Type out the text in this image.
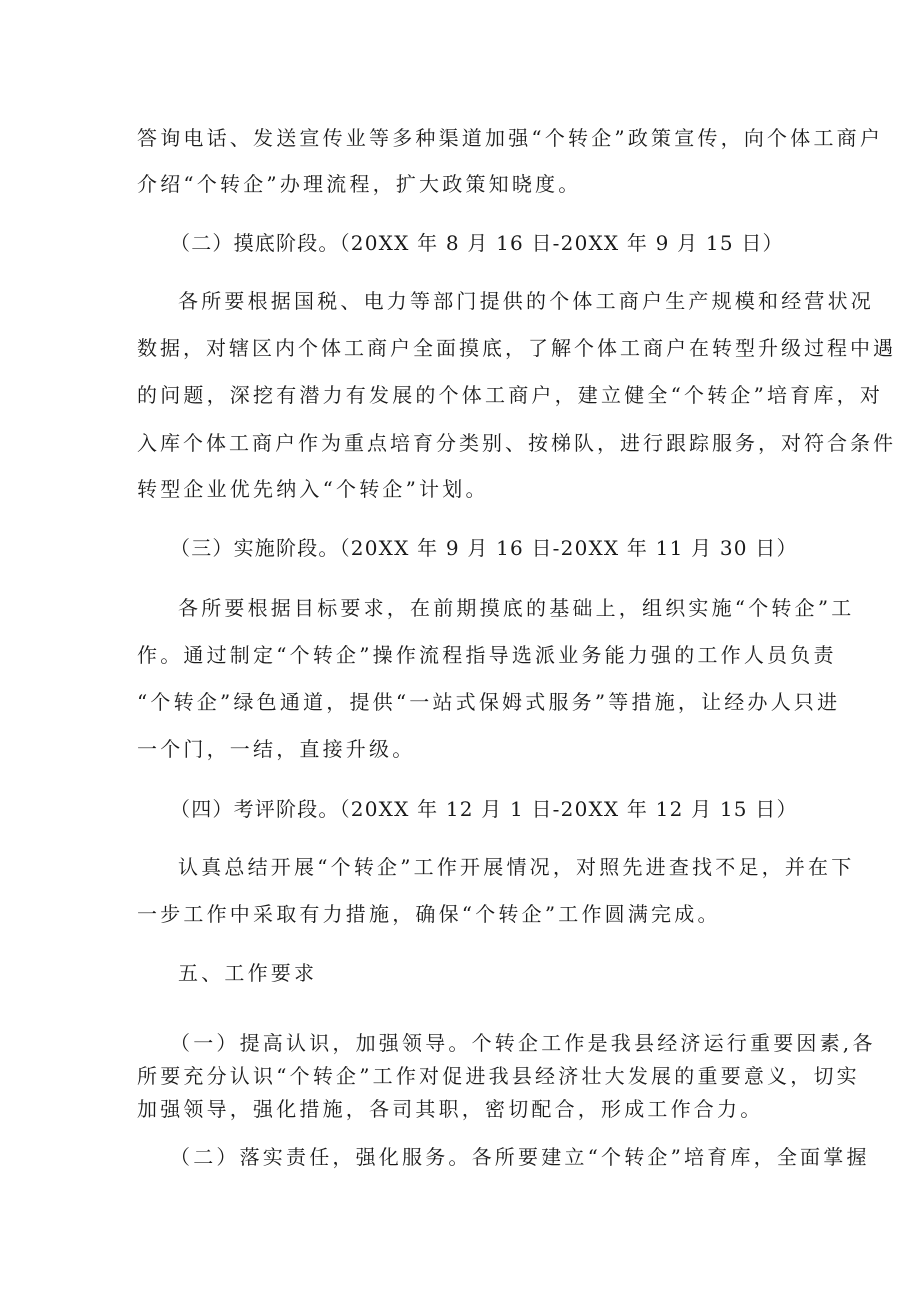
答询电话、发送宣传业等多种渠道加强“个转企”政策宣传，向个体工商户
介绍“个转企”办理流程，扩大政策知晓度。
（二）摸底阶段。（20XX 年 8 月 16 日-20XX 年 9 月 15 日）
各所要根据国税、电力等部门提供的个体工商户生产规模和经营状况
数据，对辖区内个体工商户全面摸底，了解个体工商户在转型升级过程中遇
的问题，深挖有潜力有发展的个体工商户，建立健全“个转企”培育库，对
入库个体工商户作为重点培育分类别、按梯队，进行跟踪服务，对符合条件
转型企业优先纳入“个转企”计划。
（三）实施阶段。（20XX 年 9 月 16 日-20XX 年 11 月 30 日）
各所要根据目标要求，在前期摸底的基础上，组织实施“个转企”工
作。通过制定“个转企”操作流程指导选派业务能力强的工作人员负责
“个转企”绿色通道，提供“一站式保姆式服务”等措施，让经办人只进
一个门，一结，直接升级。
（四）考评阶段。（20XX 年 12 月 1 日-20XX 年 12 月 15 日）
认真总结开展“个转企”工作开展情况，对照先进查找不足，并在下
一步工作中采取有力措施，确保“个转企”工作圆满完成。
五、工作要求
（一）提高认识，加强领导。个转企工作是我县经济运行重要因素,各
所要充分认识“个转企”工作对促进我县经济壮大发展的重要意义，切实
加强领导，强化措施，各司其职，密切配合，形成工作合力。
（二）落实责任，强化服务。各所要建立“个转企”培育库，全面掌握
